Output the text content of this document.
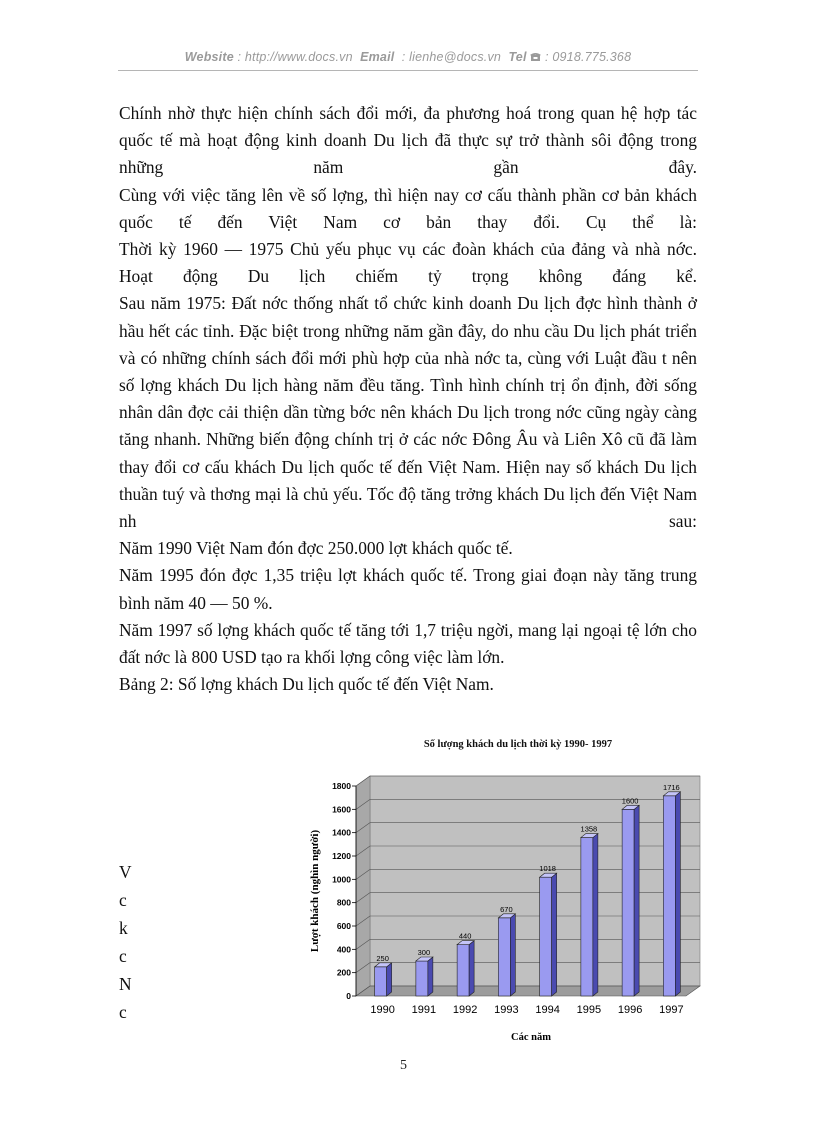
Website : http://www.docs.vn Email  : lienhe@docs.vn Tel  : 0918.775.368

Chính nhờ thực hiện chính sách đổi mới, đa phương hoá trong quan hệ hợp tác quốc tế mà hoạt động kinh doanh Du lịch đã thực sự trở thành sôi động trong những năm gần đây.

Cùng với việc tăng lên về số lợng, thì hiện nay cơ cấu thành phần cơ bản khách quốc tế đến Việt Nam cơ bản thay đổi. Cụ thể là:

Thời kỳ 1960 — 1975 Chủ yếu phục vụ các đoàn khách của đảng và nhà nớc. Hoạt động Du lịch chiếm tỷ trọng không đáng kể.

Sau năm 1975: Đất nớc thống nhất tổ chức kinh doanh Du lịch đợc hình thành ở hầu hết các tỉnh. Đặc biệt trong những năm gần đây, do nhu cầu Du lịch phát triển và có những chính sách đổi mới phù hợp của nhà nớc ta, cùng với Luật đầu t nên số lợng khách Du lịch hàng năm đều tăng. Tình hình chính trị ổn định, đời sống nhân dân đợc cải thiện dần từng bớc nên khách Du lịch trong nớc cũng ngày càng tăng nhanh. Những biến động chính trị ở các nớc Đông Âu và Liên Xô cũ đã làm thay đổi cơ cấu khách Du lịch quốc tế đến Việt Nam. Hiện nay số khách Du lịch thuần tuý và thơng mại là chủ yếu. Tốc độ tăng trởng khách Du lịch đến Việt Nam nh sau:

Năm 1990 Việt Nam đón đợc 250.000 lợt khách quốc tế.

Năm 1995 đón đợc 1,35 triệu lợt khách quốc tế. Trong giai đoạn này tăng trung bình năm 40 — 50 %.

Năm 1997 số lợng khách quốc tế tăng tới 1,7 triệu ngời, mang lại ngoại tệ lớn cho đất nớc là 800 USD tạo ra khối lợng công việc làm lớn.

Bảng 2: Số lợng khách Du lịch quốc tế đến Việt Nam.

V
c
k
c
N
c
Số lượng khách du lịch thời kỳ 1990- 1997
0
200
400
600
800
1000
1200
1400
1600
1800
250
1990
300
1991
440
1992
670
1993
1018
1994
1358
1995
1600
1996
1716
1997
Lượt khách (nghìn người)
Các năm
5
